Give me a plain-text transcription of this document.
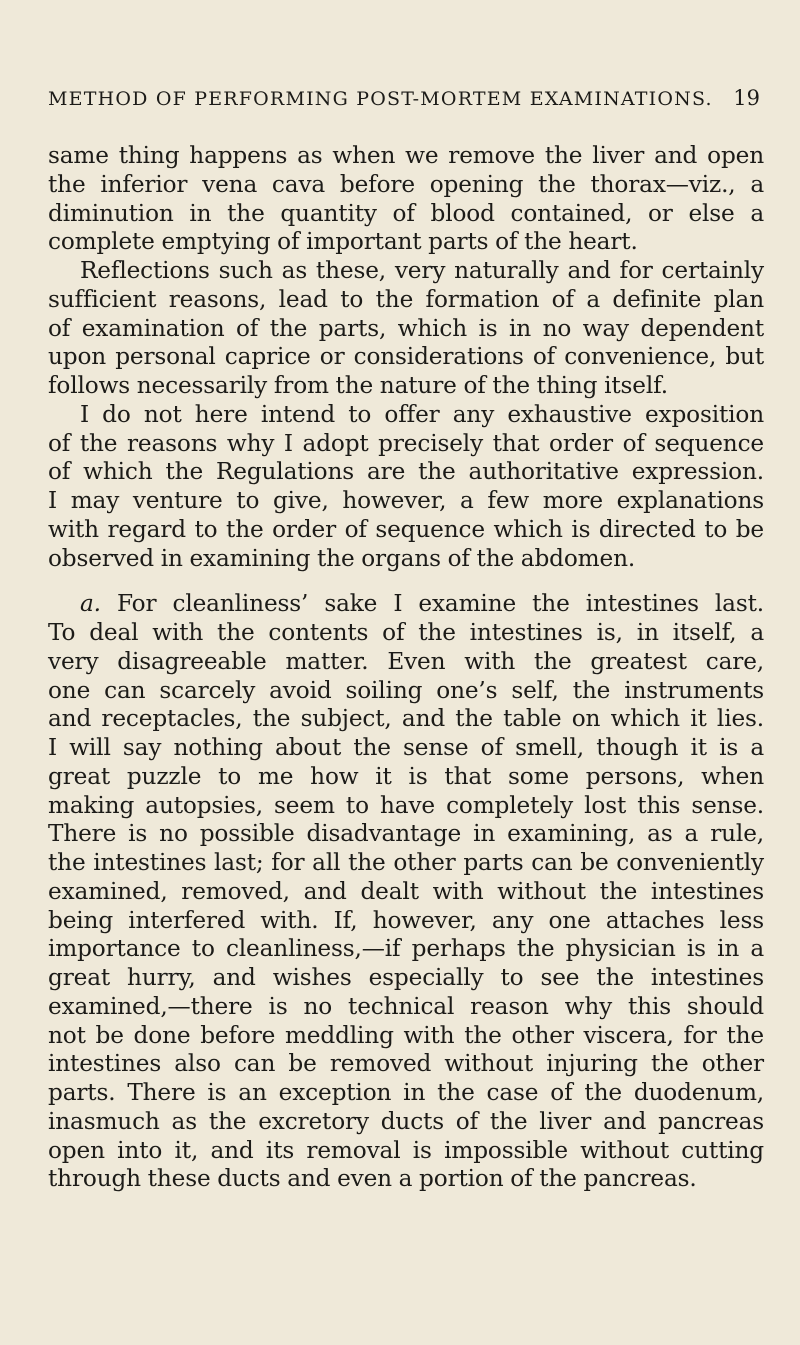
METHOD OF PERFORMING POST-MORTEM EXAMINATIONS. 19
same thing happens as when we remove the liver and open
the inferior vena cava before opening the thorax—viz., a
diminution in the quantity of blood contained, or else a
complete emptying of important parts of the heart.
Reflections such as these, very naturally and for certainly
sufficient reasons, lead to the formation of a definite plan
of examination of the parts, which is in no way dependent
upon personal caprice or considerations of convenience, but
follows necessarily from the nature of the thing itself.
I do not here intend to offer any exhaustive exposition
of the reasons why I adopt precisely that order of sequence
of which the Regulations are the authoritative expression.
I may venture to give, however, a few more explanations
with regard to the order of sequence which is directed to be
observed in examining the organs of the abdomen.
a. For cleanliness’ sake I examine the intestines last.
To deal with the contents of the intestines is, in itself, a
very disagreeable matter. Even with the greatest care,
one can scarcely avoid soiling one’s self, the instruments
and receptacles, the subject, and the table on which it lies.
I will say nothing about the sense of smell, though it is a
great puzzle to me how it is that some persons, when
making autopsies, seem to have completely lost this sense.
There is no possible disadvantage in examining, as a rule,
the intestines last; for all the other parts can be conveniently
examined, removed, and dealt with without the intestines
being interfered with. If, however, any one attaches less
importance to cleanliness,—if perhaps the physician is in a
great hurry, and wishes especially to see the intestines
examined,—there is no technical reason why this should
not be done before meddling with the other viscera, for the
intestines also can be removed without injuring the other
parts. There is an exception in the case of the duodenum,
inasmuch as the excretory ducts of the liver and pancreas
open into it, and its removal is impossible without cutting
through these ducts and even a portion of the pancreas.
